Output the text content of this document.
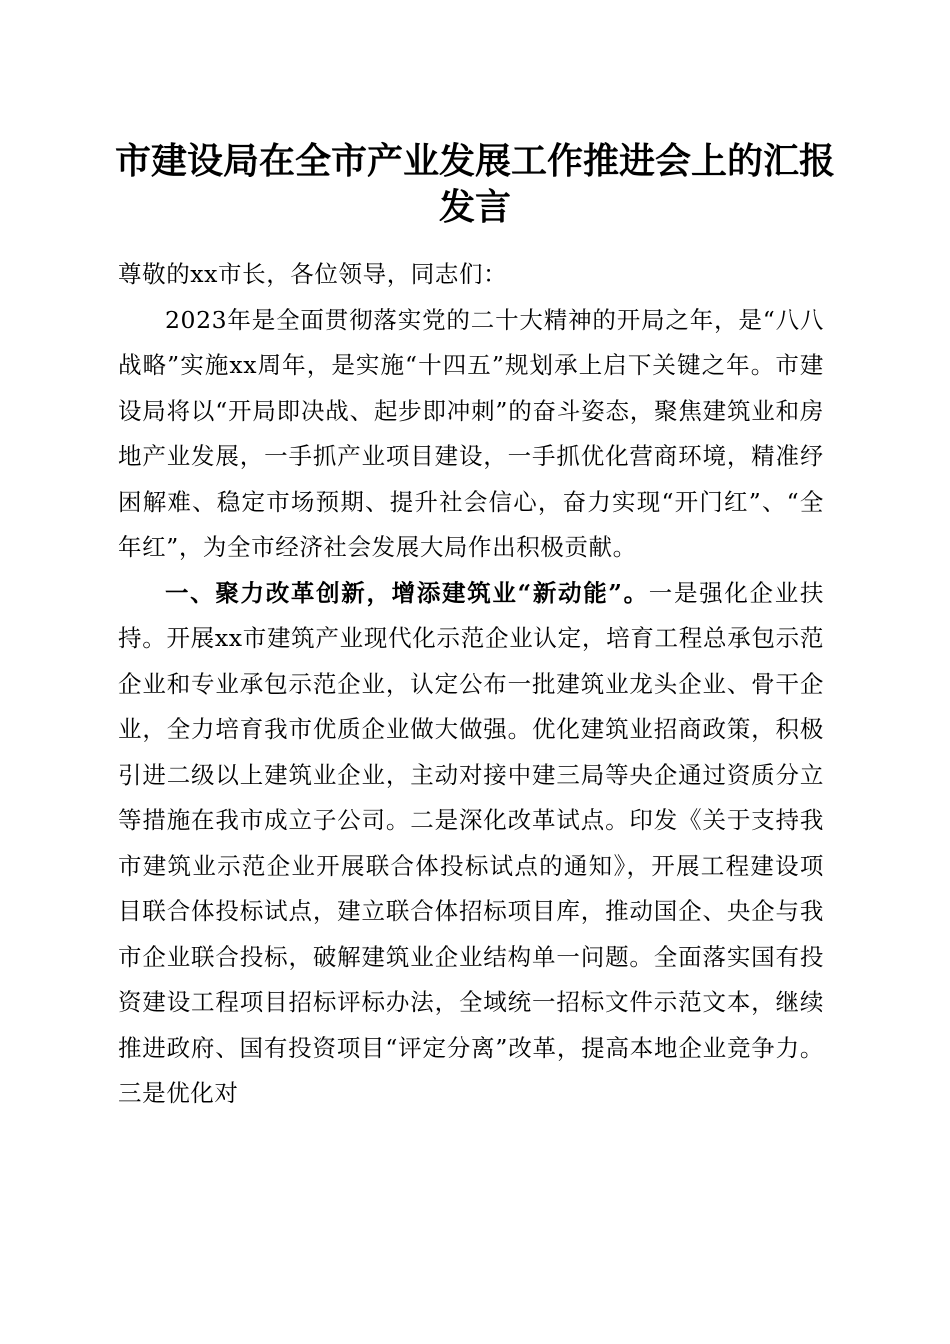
市建设局在全市产业发展工作推进会上的汇报
发言

尊敬的xx市长，各位领导，同志们：

2023年是全面贯彻落实党的二十大精神的开局之年，是“八八战略”实施xx周年，是实施“十四五”规划承上启下关键之年。市建设局将以“开局即决战、起步即冲刺”的奋斗姿态，聚焦建筑业和房地产业发展，一手抓产业项目建设，一手抓优化营商环境，精准纾困解难、稳定市场预期、提升社会信心，奋力实现“开门红”、“全年红”，为全市经济社会发展大局作出积极贡献。

一、聚力改革创新，增添建筑业“新动能”。一是强化企业扶持。开展xx市建筑产业现代化示范企业认定，培育工程总承包示范企业和专业承包示范企业，认定公布一批建筑业龙头企业、骨干企业，全力培育我市优质企业做大做强。优化建筑业招商政策，积极引进二级以上建筑业企业，主动对接中建三局等央企通过资质分立等措施在我市成立子公司。二是深化改革试点。印发《关于支持我市建筑业示范企业开展联合体投标试点的通知》，开展工程建设项目联合体投标试点，建立联合体招标项目库，推动国企、央企与我市企业联合投标，破解建筑业企业结构单一问题。全面落实国有投资建设工程项目招标评标办法，全域统一招标文件示范文本，继续推进政府、国有投资项目“评定分离”改革，提高本地企业竞争力。三是优化对
